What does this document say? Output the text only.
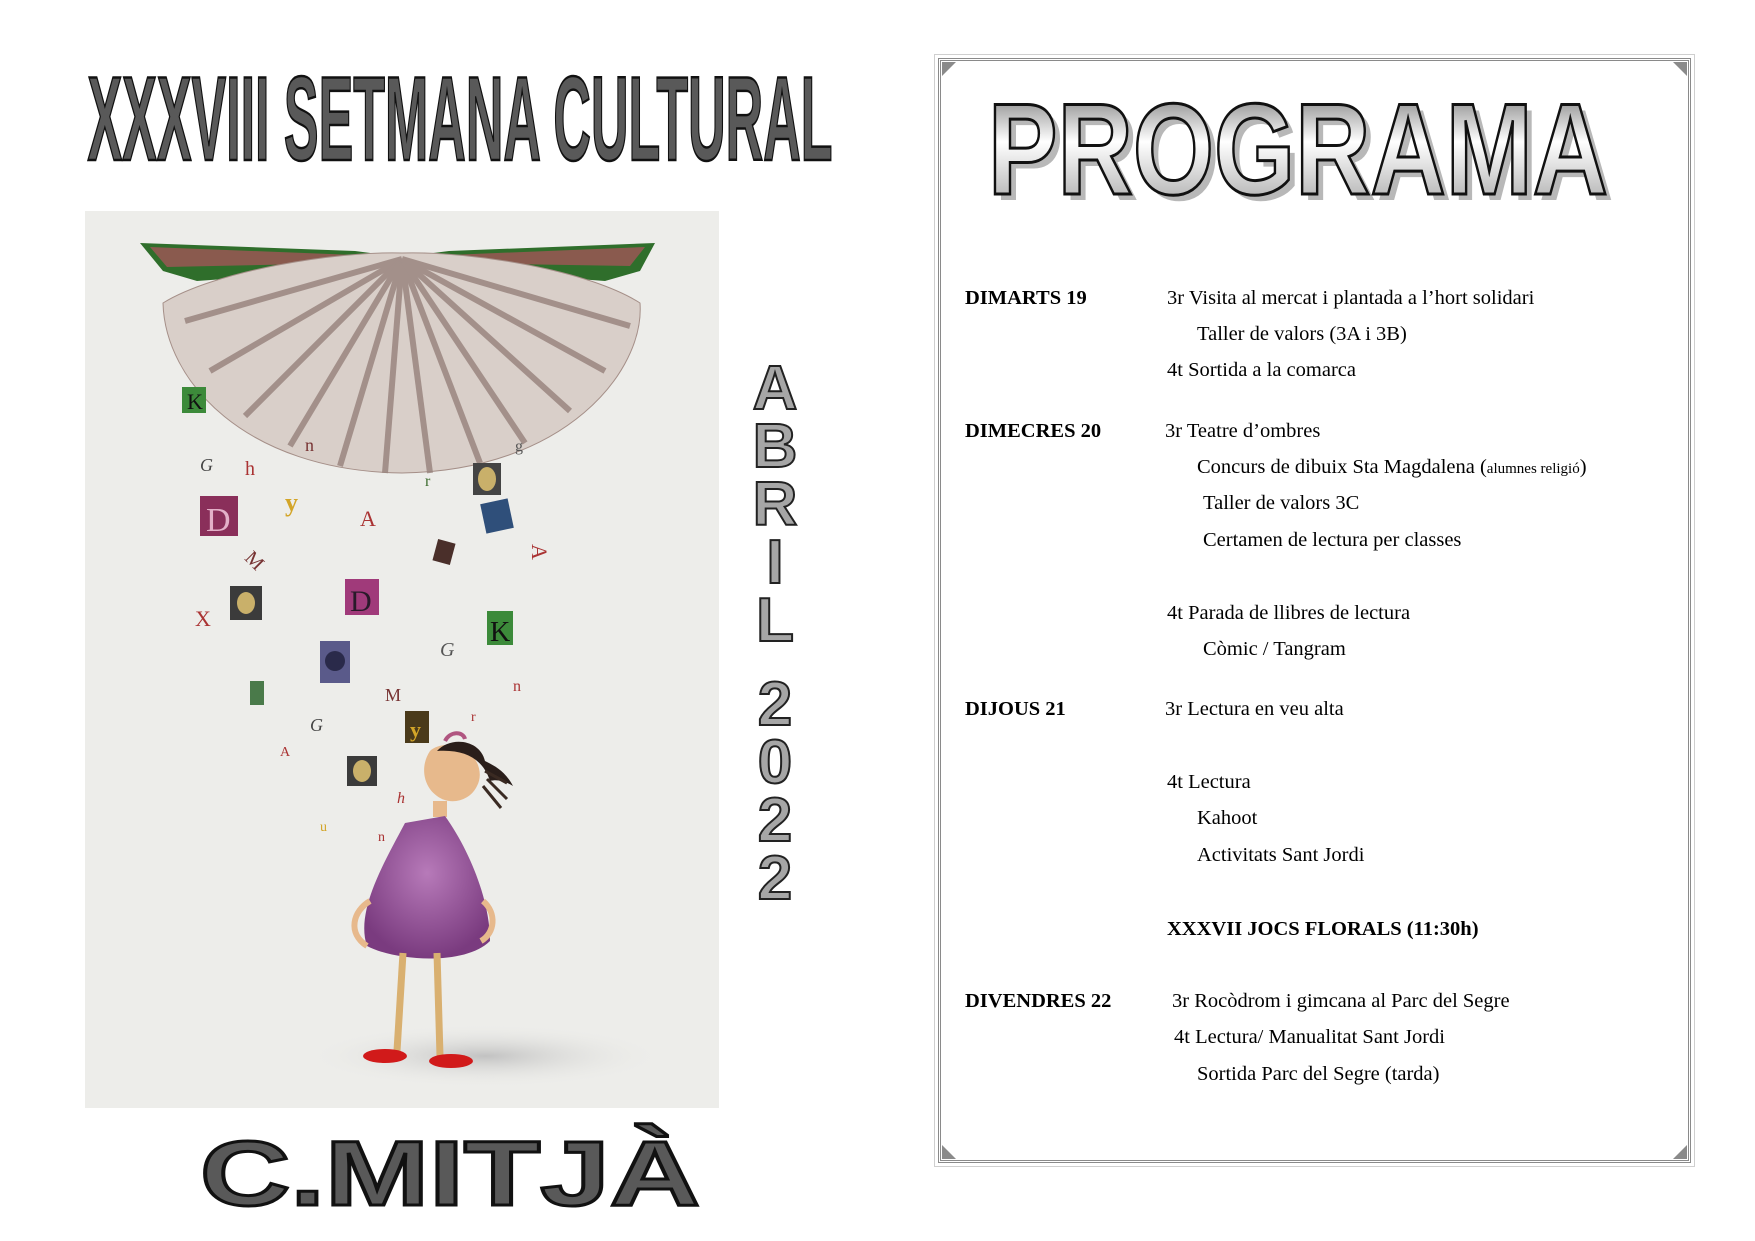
XXXVIII SETMANA CULTURAL
K
G h
n
r
g
D y
A
A
M
X
D
K
G
M	n
G	y	r
A
h
u
n
A
B
R
I
L
2
0
2
2
C.MITJÀ
PROGRAMA
PROGRAMA
DIMARTS 19	3r Visita al mercat i plantada a l’hort solidari
Taller de valors (3A i 3B)
4t Sortida a la comarca
DIMECRES 20	3r Teatre d’ombres
Concurs de dibuix Sta Magdalena (alumnes religió)
Taller de valors 3C
Certamen de lectura per classes
4t Parada de llibres de lectura
Còmic / Tangram
DIJOUS 21	3r Lectura en veu alta
4t Lectura
Kahoot
Activitats Sant Jordi
XXXVII JOCS FLORALS (11:30h)
DIVENDRES 22	3r Rocòdrom i gimcana al Parc del Segre
4t Lectura/ Manualitat Sant Jordi
Sortida Parc del Segre (tarda)
